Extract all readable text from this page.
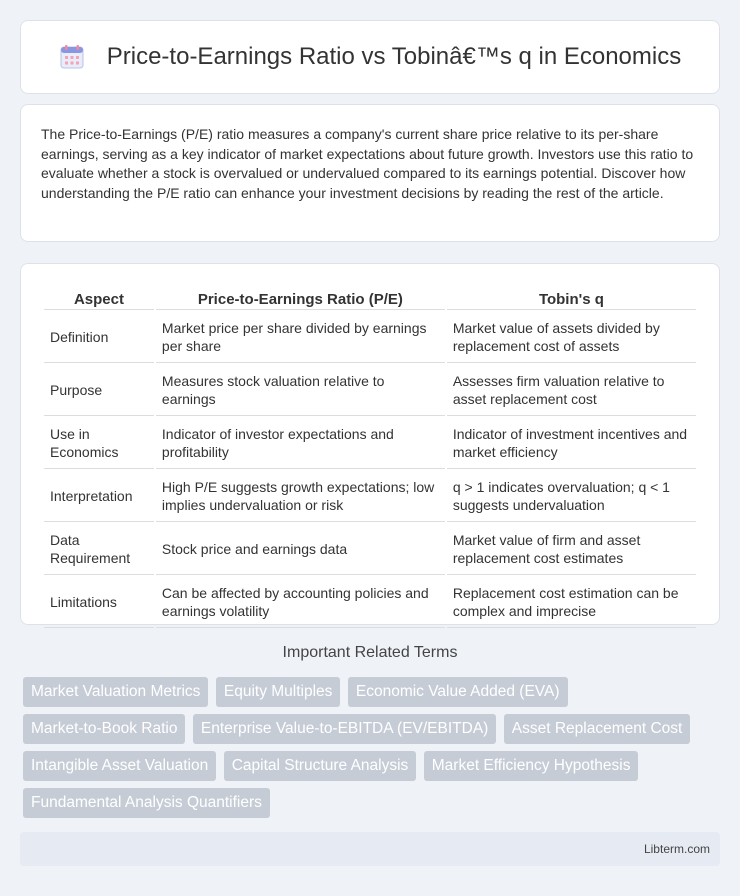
Price-to-Earnings Ratio vs Tobinâ€™s q in Economics

The Price-to-Earnings (P/E) ratio measures a company's current share price relative to its per-share earnings, serving as a key indicator of market expectations about future growth. Investors use this ratio to evaluate whether a stock is overvalued or undervalued compared to its earnings potential. Discover how understanding the P/E ratio can enhance your investment decisions by reading the rest of the article.

Aspect	Price-to-Earnings Ratio (P/E)	Tobin's q
Definition	Market price per share divided by earnings per share	Market value of assets divided by replacement cost of assets
Purpose	Measures stock valuation relative to earnings	Assesses firm valuation relative to asset replacement cost
Use in Economics	Indicator of investor expectations and profitability	Indicator of investment incentives and market efficiency
Interpretation	High P/E suggests growth expectations; low implies undervaluation or risk	q > 1 indicates overvaluation; q < 1 suggests undervaluation
Data Requirement	Stock price and earnings data	Market value of firm and asset replacement cost estimates
Limitations	Can be affected by accounting policies and earnings volatility	Replacement cost estimation can be complex and imprecise
Important Related Terms
Market Valuation Metrics Equity Multiples Economic Value Added (EVA) Market-to-Book Ratio Enterprise Value-to-EBITDA (EV/EBITDA) Asset Replacement Cost Intangible Asset Valuation Capital Structure Analysis Market Efficiency Hypothesis Fundamental Analysis Quantifiers
Libterm.com
